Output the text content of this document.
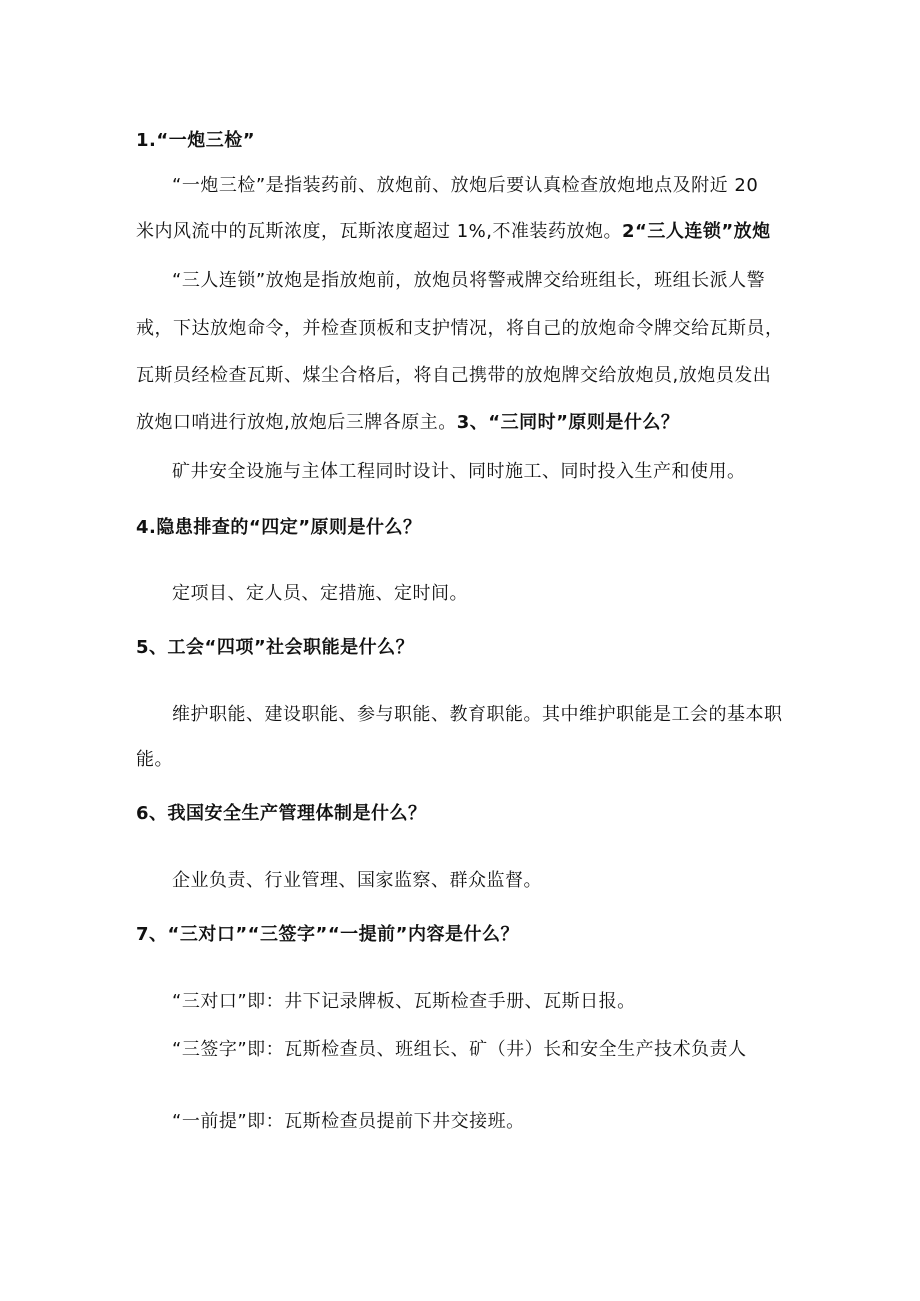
1.“一炮三检”
“一炮三检”是指装药前、放炮前、放炮后要认真检查放炮地点及附近 20
米内风流中的瓦斯浓度，瓦斯浓度超过 1%,不准装药放炮。2“三人连锁”放炮
“三人连锁”放炮是指放炮前，放炮员将警戒牌交给班组长，班组长派人警
戒，下达放炮命令，并检查顶板和支护情况，将自己的放炮命令牌交给瓦斯员，
瓦斯员经检查瓦斯、煤尘合格后，将自己携带的放炮牌交给放炮员,放炮员发出
放炮口哨进行放炮,放炮后三牌各原主。3、“三同时”原则是什么？
矿井安全设施与主体工程同时设计、同时施工、同时投入生产和使用。
4.隐患排查的“四定”原则是什么？
定项目、定人员、定措施、定时间。
5、工会“四项”社会职能是什么？
维护职能、建设职能、参与职能、教育职能。其中维护职能是工会的基本职
能。
6、我国安全生产管理体制是什么？
企业负责、行业管理、国家监察、群众监督。
7、“三对口”“三签字”“一提前”内容是什么？
“三对口”即：井下记录牌板、瓦斯检查手册、瓦斯日报。
“三签字”即：瓦斯检查员、班组长、矿（井）长和安全生产技术负责人
“一前提”即：瓦斯检查员提前下井交接班。
